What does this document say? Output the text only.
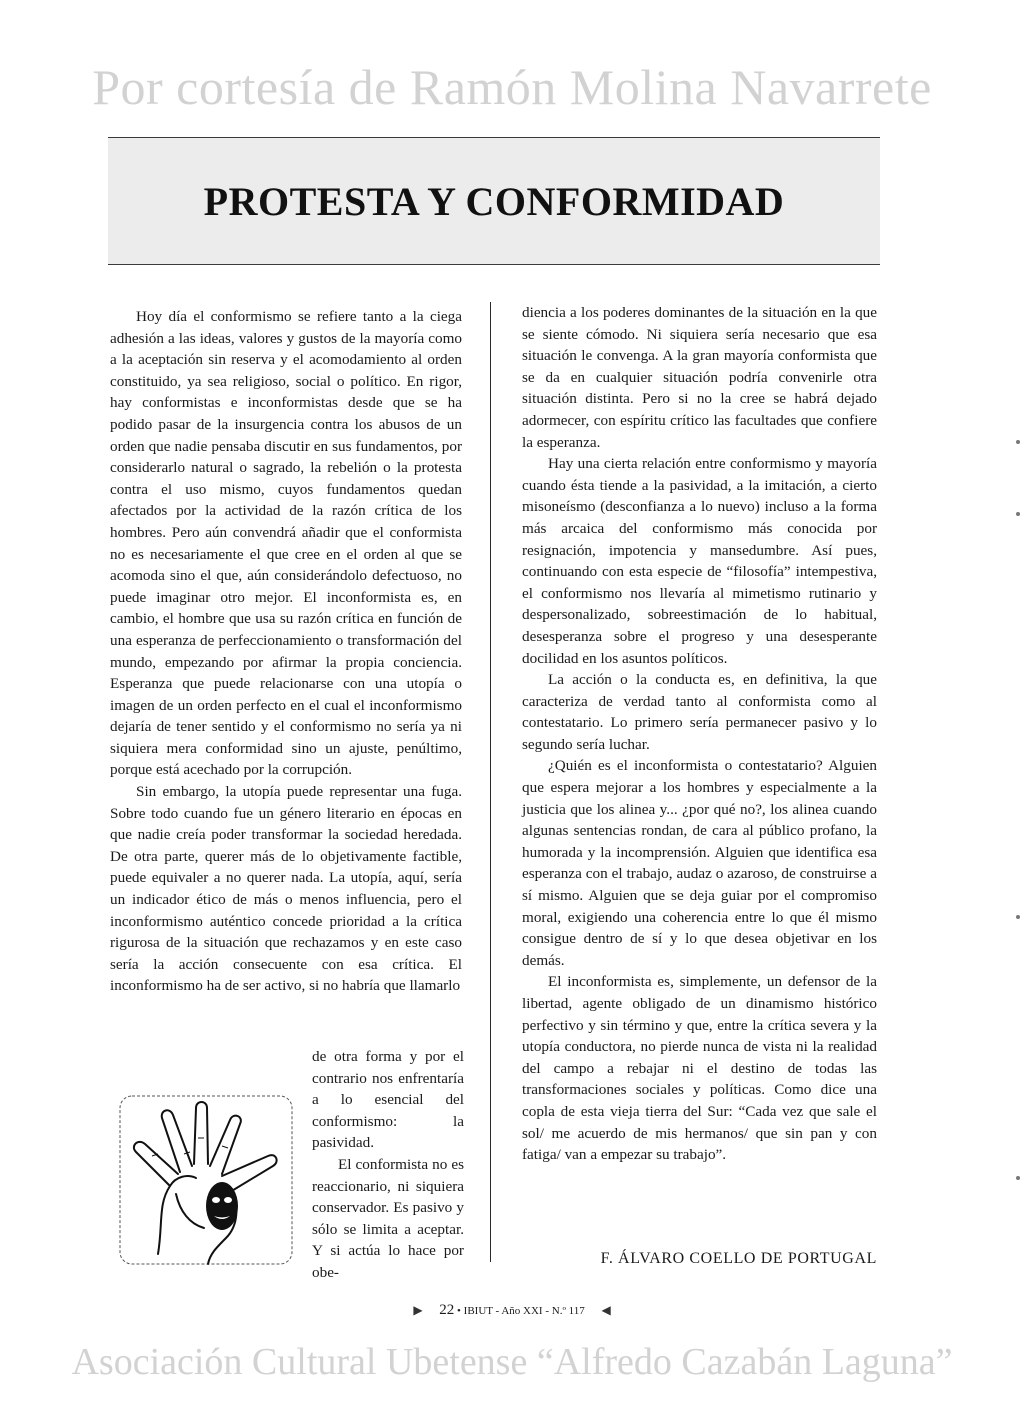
Por cortesía de Ramón Molina Navarrete
PROTESTA Y CONFORMIDAD

Hoy día el conformismo se refiere tanto a la ciega adhesión a las ideas, valores y gustos de la mayoría como a la aceptación sin reserva y el acomodamiento al orden constituido, ya sea religioso, social o político. En rigor, hay conformistas e inconformistas desde que se ha podido pasar de la insurgencia contra los abusos de un orden que nadie pensaba discutir en sus fundamentos, por considerarlo natural o sagrado, la rebelión o la protesta contra el uso mismo, cuyos fundamentos quedan afectados por la actividad de la razón crítica de los hombres. Pero aún convendrá añadir que el conformista no es necesariamente el que cree en el orden al que se acomoda sino el que, aún considerándolo defectuoso, no puede imaginar otro mejor. El inconformista es, en cambio, el hombre que usa su razón crítica en función de una esperanza de perfeccionamiento o transformación del mundo, empezando por afirmar la propia conciencia. Esperanza que puede relacionarse con una utopía o imagen de un orden perfecto en el cual el inconformismo dejaría de tener sentido y el conformismo no sería ya ni siquiera mera conformidad sino un ajuste, penúltimo, porque está acechado por la corrupción.

Sin embargo, la utopía puede representar una fuga. Sobre todo cuando fue un género literario en épocas en que nadie creía poder transformar la sociedad heredada. De otra parte, querer más de lo objetivamente factible, puede equivaler a no querer nada. La utopía, aquí, sería un indicador ético de más o menos influencia, pero el inconformismo auténtico concede prioridad a la crítica rigurosa de la situación que rechazamos y en este caso sería la acción consecuente con esa crítica. El inconformismo ha de ser activo, si no habría que llamarlo

de otra forma y por el contrario nos enfrentaría a lo esencial del conformismo: la pasividad.

El conformista no es reaccionario, ni siquiera conservador. Es pasivo y sólo se limita a aceptar. Y si actúa lo hace por obe-

diencia a los poderes dominantes de la situación en la que se siente cómodo. Ni siquiera sería necesario que esa situación le convenga. A la gran mayoría conformista que se da en cualquier situación podría convenirle otra situación distinta. Pero si no la cree se habrá dejado adormecer, con espíritu crítico las facultades que confiere la esperanza.

Hay una cierta relación entre conformismo y mayoría cuando ésta tiende a la pasividad, a la imitación, a cierto misoneísmo (desconfianza a lo nuevo) incluso a la forma más arcaica del conformismo más conocida por resignación, impotencia y mansedumbre. Así pues, continuando con esta especie de “filosofía” intempestiva, el conformismo nos llevaría al mimetismo rutinario y despersonalizado, sobreestimación de lo habitual, desesperanza sobre el progreso y una desesperante docilidad en los asuntos políticos.

La acción o la conducta es, en definitiva, la que caracteriza de verdad tanto al conformista como al contestatario. Lo primero sería permanecer pasivo y lo segundo sería luchar.

¿Quién es el inconformista o contestatario? Alguien que espera mejorar a los hombres y especialmente a la justicia que los alinea y... ¿por qué no?, los alinea cuando algunas sentencias rondan, de cara al público profano, la humorada y la incomprensión. Alguien que identifica esa esperanza con el trabajo, audaz o azaroso, de construirse a sí mismo. Alguien que se deja guiar por el compromiso moral, exigiendo una coherencia entre lo que él mismo consigue dentro de sí y lo que desea objetivar en los demás.

El inconformista es, simplemente, un defensor de la libertad, agente obligado de un dinamismo histórico perfectivo y sin término y que, entre la crítica severa y la utopía conductora, no pierde nunca de vista ni la realidad del campo a rebajar ni el destino de todas las transformaciones sociales y políticas. Como dice una copla de esta vieja tierra del Sur: “Cada vez que sale el sol/ me acuerdo de mis hermanos/ que sin pan y con fatiga/ van a empezar su trabajo”.

F. ÁLVARO COELLO DE PORTUGAL
▶ 22 • IBIUT - Año XXI - N.º 117 ◀
Asociación Cultural Ubetense “Alfredo Cazabán Laguna”
